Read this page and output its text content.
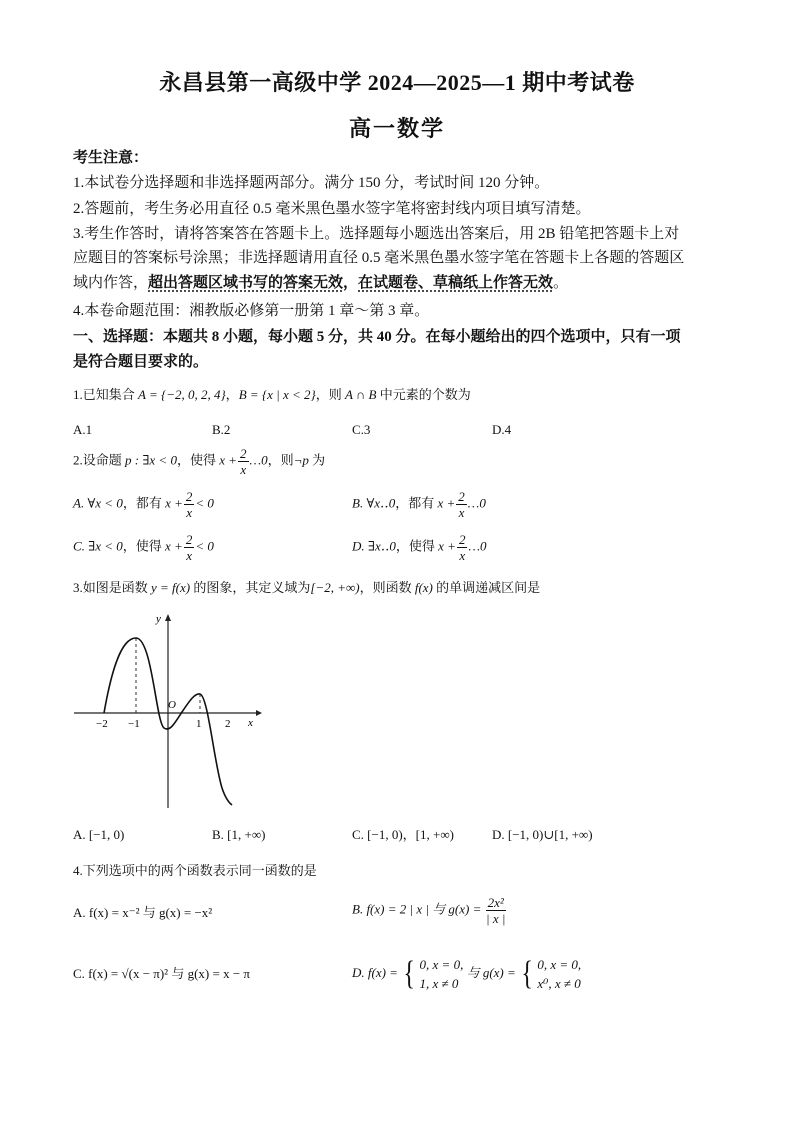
永昌县第一高级中学 2024—2025—1 期中考试卷
高一数学
考生注意：
1.本试卷分选择题和非选择题两部分。满分 150 分，考试时间 120 分钟。
2.答题前，考生务必用直径 0.5 毫米黑色墨水签字笔将密封线内项目填写清楚。
3.考生作答时，请将答案答在答题卡上。选择题每小题选出答案后，用 2B 铅笔把答题卡上对
应题目的答案标号涂黑；非选择题请用直径 0.5 毫米黑色墨水签字笔在答题卡上各题的答题区
域内作答，超出答题区域书写的答案无效，在试题卷、草稿纸上作答无效。
4.本卷命题范围：湘教版必修第一册第 1 章～第 3 章。
一、选择题：本题共 8 小题，每小题 5 分，共 40 分。在每小题给出的四个选项中，只有一项
是符合题目要求的。
1.已知集合 A = {−2, 0, 2, 4}，B = {x | x < 2}，则 A ∩ B 中元素的个数为
A.1	B.2	C.3	D.4
2.设命题 p : ∃x < 0，使得 $x + \frac{2}{x}$ …0，则¬p 为
A. ∀x < 0，都有 $x + \frac{2}{x} < 0$	B. ∀x‥0，都有 $x + \frac{2}{x}$ …0
C. ∃x < 0，使得 $x + \frac{2}{x} < 0$	D. ∃x‥0，使得 $x + \frac{2}{x}$ …0
3.如图是函数 y = f(x) 的图象，其定义域为[−2, +∞)，则函数 f(x) 的单调递减区间是
y
x
O
−2 −1	1 2
A. [−1, 0)	B. [1, +∞)	C. [−1, 0)，[1, +∞)	D. [−1, 0)∪[1, +∞)
4.下列选项中的两个函数表示同一函数的是
A. f(x) = x⁻² 与 g(x) = −x²	B. f(x) = 2 | x | 与 $g(x) = \frac{\text{2x²}}{| x |}$
C. f(x) = √(x − π)² 与 g(x) = x − π	D. f(x) = { 0, x = 0,
1, x ≠ 0
与 g(x) = { 0, x = 0,
x⁰, x ≠ 0
